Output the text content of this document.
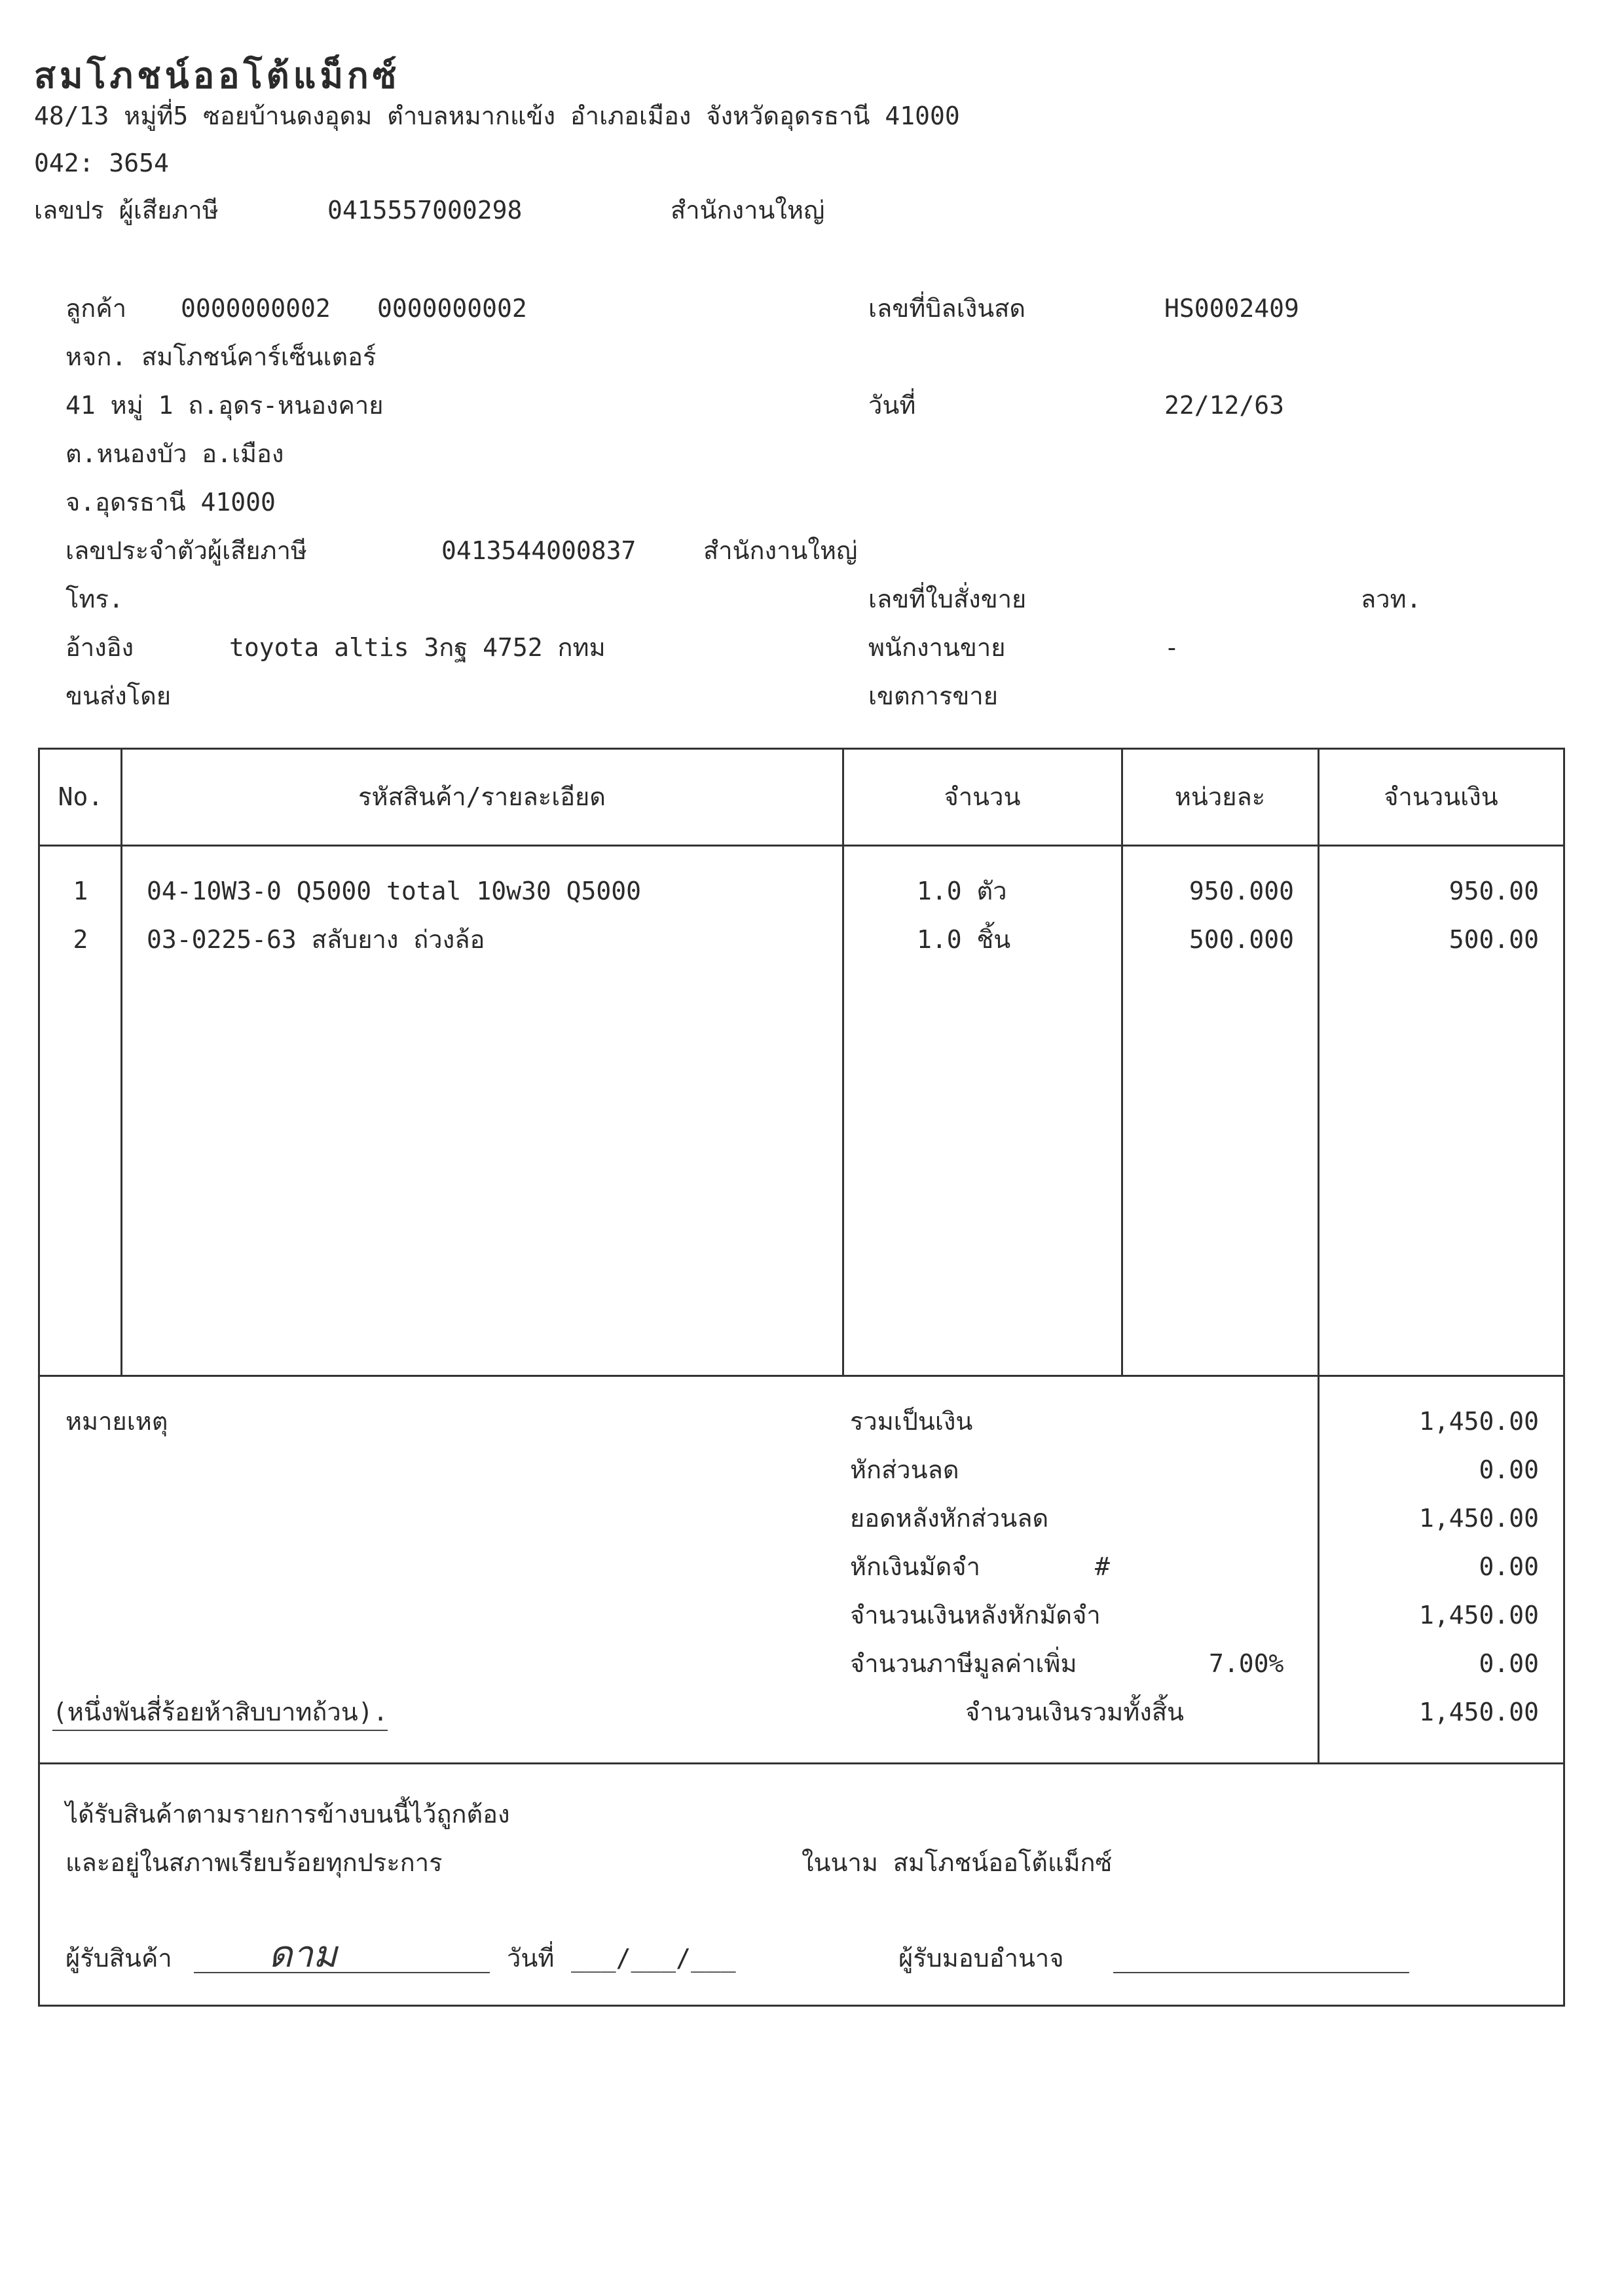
สมโภชน์ออโต้แม็กซ์
48/13 หมู่ที่5 ซอยบ้านดงอุดม ตำบลหมากแข้ง อำเภอเมือง จังหวัดอุดรธานี 41000
042: 3654
เลขปร ผู้เสียภาษี	0415557000298	สำนักงานใหญ่
ลูกค้า 0000000002 0000000002
หจก. สมโภชน์คาร์เซ็นเตอร์
41 หมู่ 1 ถ.อุดร-หนองคาย
ต.หนองบัว อ.เมือง
จ.อุดรธานี 41000
เลขประจำตัวผู้เสียภาษี	0413544000837	สำนักงานใหญ่
โทร.
อ้างอิง	toyota altis 3กฐ 4752 กทม
ขนส่งโดย
เลขที่บิลเงินสด	HS0002409
วันที่	22/12/63
เลขที่ใบสั่งขาย	ลวท.
พนักงานขาย	-
เขตการขาย
No.	รหัสสินค้า/รายละเอียด	จำนวน	หน่วยละ	จำนวนเงิน
1	04-10W3-0 Q5000 total 10w30 Q5000	1.0 ตัว	950.000	950.00
2	03-0225-63 สลับยาง ถ่วงล้อ	1.0 ชิ้น	500.000	500.00
หมายเหตุ
(หนึ่งพันสี่ร้อยห้าสิบบาทถ้วน).
รวมเป็นเงิน	1,450.00
หักส่วนลด	0.00
ยอดหลังหักส่วนลด	1,450.00
หักเงินมัดจำ	#	0.00
จำนวนเงินหลังหักมัดจำ	1,450.00
จำนวนภาษีมูลค่าเพิ่ม	7.00%	0.00
จำนวนเงินรวมทั้งสิ้น	1,450.00
ได้รับสินค้าตามรายการข้างบนนี้ไว้ถูกต้อง
และอยู่ในสภาพเรียบร้อยทุกประการ	ในนาม สมโภชน์ออโต้แม็กซ์
ผู้รับสินค้า	ดาม	วันที่ ___/___/___	ผู้รับมอบอำนาจ
